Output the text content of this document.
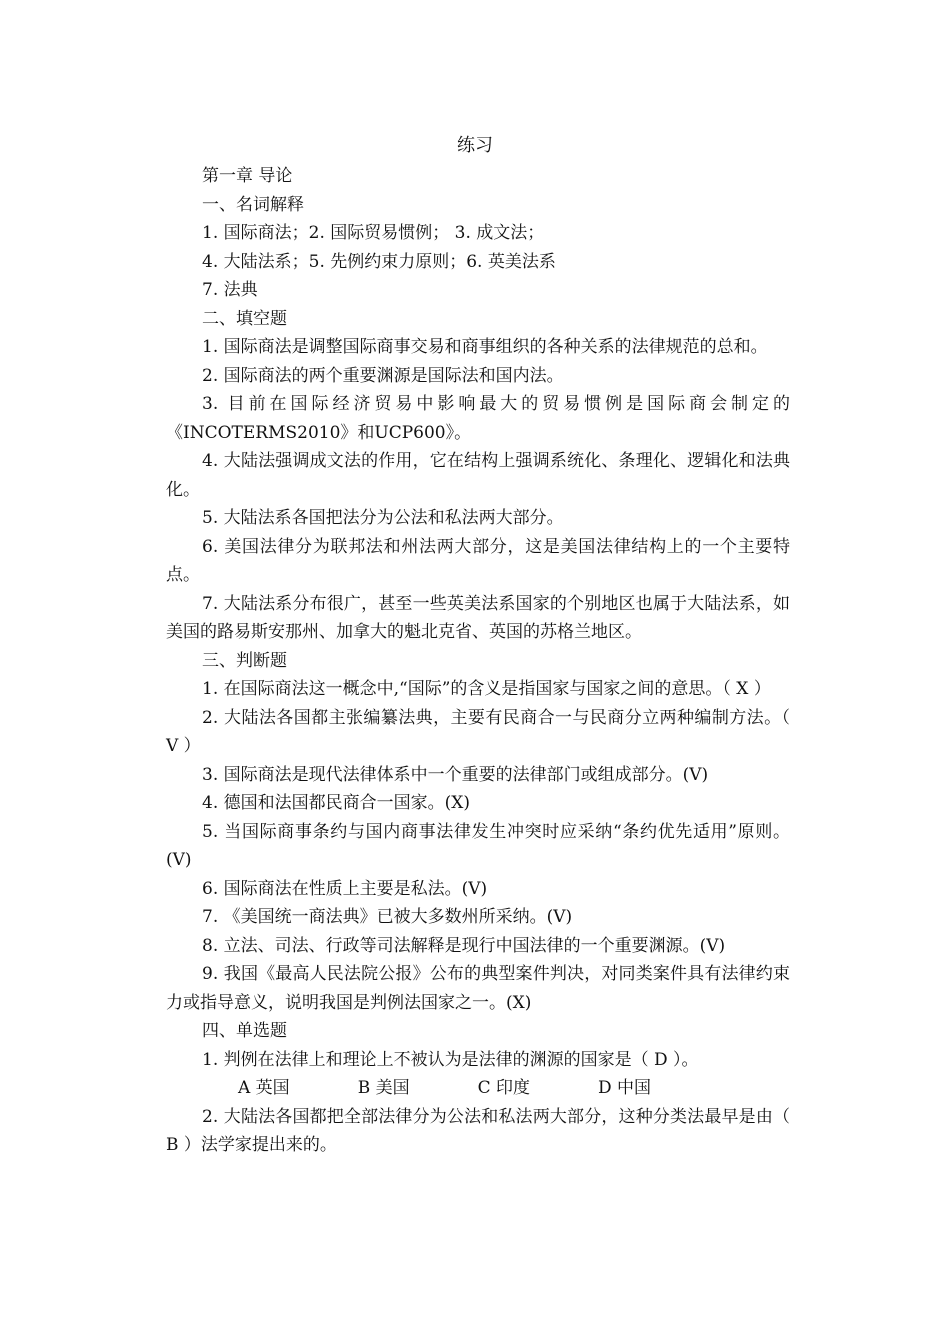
练习

第一章 导论

一、名词解释

1. 国际商法；2. 国际贸易惯例； 3. 成文法；

4. 大陆法系；5. 先例约束力原则；6. 英美法系

7. 法典

二、填空题

1. 国际商法是调整国际商事交易和商事组织的各种关系的法律规范的总和。

2. 国际商法的两个重要渊源是国际法和国内法。

3. 目前在国际经济贸易中影响最大的贸易惯例是国际商会制定的《INCOTERMS2010》和UCP600》。

4. 大陆法强调成文法的作用，它在结构上强调系统化、条理化、逻辑化和法典化。

5. 大陆法系各国把法分为公法和私法两大部分。

6. 美国法律分为联邦法和州法两大部分，这是美国法律结构上的一个主要特点。

7. 大陆法系分布很广，甚至一些英美法系国家的个别地区也属于大陆法系，如美国的路易斯安那州、加拿大的魁北克省、英国的苏格兰地区。

三、判断题

1. 在国际商法这一概念中,“国际”的含义是指国家与国家之间的意思。（ X ）

2. 大陆法各国都主张编纂法典，主要有民商合一与民商分立两种编制方法。（ V ）

3. 国际商法是现代法律体系中一个重要的法律部门或组成部分。(V)

4. 德国和法国都民商合一国家。(X)

5. 当国际商事条约与国内商事法律发生冲突时应采纳“条约优先适用”原则。(V)

6. 国际商法在性质上主要是私法。(V)

7. 《美国统一商法典》已被大多数州所采纳。(V)

8. 立法、司法、行政等司法解释是现行中国法律的一个重要渊源。(V)

9. 我国《最高人民法院公报》公布的典型案件判决，对同类案件具有法律约束力或指导意义，说明我国是判例法国家之一。(X)

四、单选题

1. 判例在法律上和理论上不被认为是法律的渊源的国家是（ D ）。

A 英国	B 美国	C 印度	D 中国

2. 大陆法各国都把全部法律分为公法和私法两大部分，这种分类法最早是由（ B ）法学家提出来的。
